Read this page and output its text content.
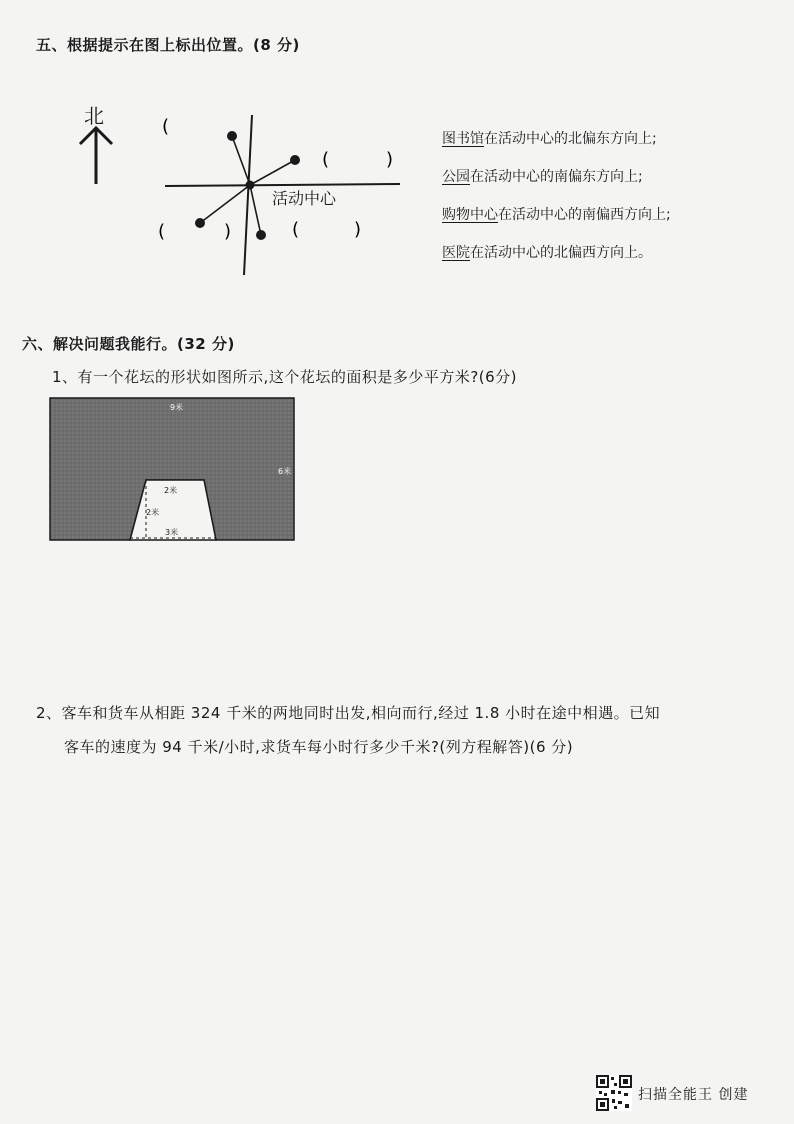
五、根据提示在图上标出位置。(8 分)
北
活动中心
(
(	)
(	)	(	)
图书馆在活动中心的北偏东方向上;
公园在活动中心的南偏东方向上;
购物中心在活动中心的南偏西方向上;
医院在活动中心的北偏西方向上。
六、解决问题我能行。(32 分)
1、有一个花坛的形状如图所示,这个花坛的面积是多少平方米?(6分)
9米
6米
2米
2米
3米
2、客车和货车从相距 324 千米的两地同时出发,相向而行,经过 1.8 小时在途中相遇。已知
客车的速度为 94 千米/小时,求货车每小时行多少千米?(列方程解答)(6 分)
扫描全能王 创建
